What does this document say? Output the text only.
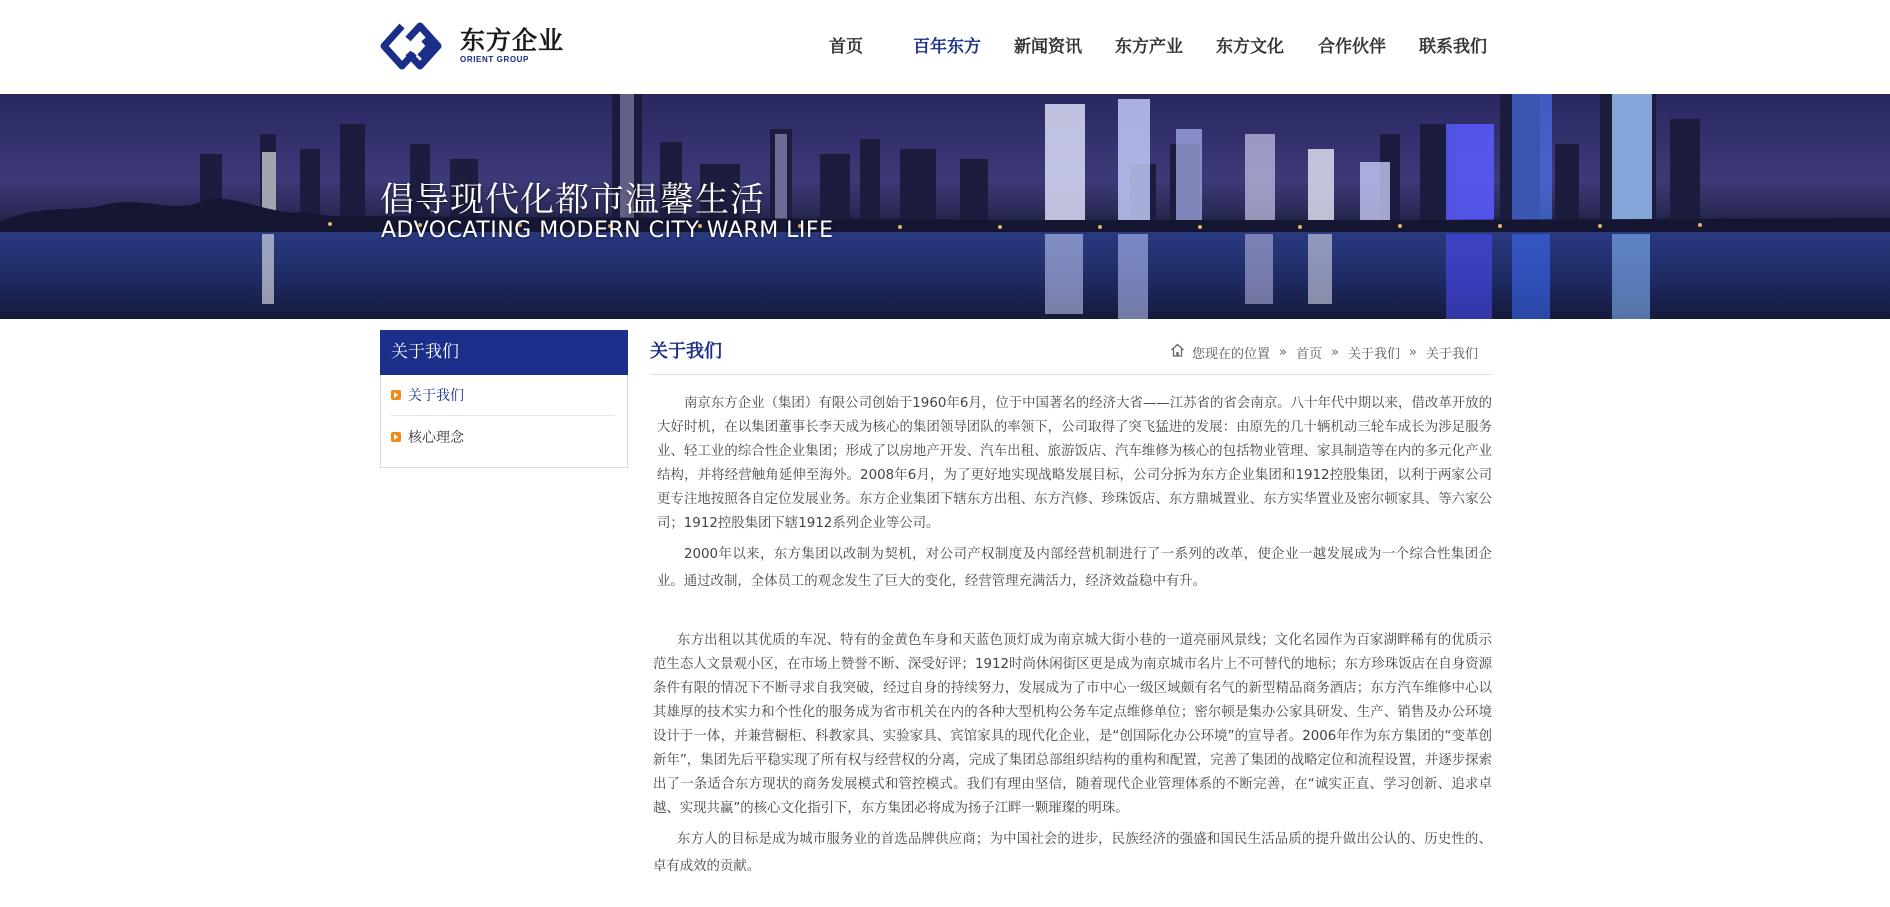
东方企业
ORIENT GROUP
首页	百年东方 新闻资讯 东方产业 东方文化 合作伙伴 联系我们
倡导现代化都市温馨生活
ADVOCATING MODERN CITY WARM LIFE
关于我们
关于我们
核心理念
关于我们	您现在的位置 » 首页 » 关于我们 » 关于我们

南京东方企业（集团）有限公司创始于1960年6月，位于中国著名的经济大省——江苏省的省会南京。八十年代中期以来，借改革开放的大好时机，在以集团董事长李天成为核心的集团领导团队的率领下，公司取得了突飞猛进的发展：由原先的几十辆机动三轮车成长为涉足服务业、轻工业的综合性企业集团；形成了以房地产开发、汽车出租、旅游饭店、汽车维修为核心的包括物业管理、家具制造等在内的多元化产业结构，并将经营触角延伸至海外。2008年6月，为了更好地实现战略发展目标，公司分拆为东方企业集团和1912控股集团，以利于两家公司更专注地按照各自定位发展业务。东方企业集团下辖东方出租、东方汽修、珍珠饭店、东方鼎城置业、东方实华置业及密尔顿家具、等六家公司；1912控股集团下辖1912系列企业等公司。

2000年以来，东方集团以改制为契机，对公司产权制度及内部经营机制进行了一系列的改革，使企业一越发展成为一个综合性集团企业。通过改制，全体员工的观念发生了巨大的变化，经营管理充满活力，经济效益稳中有升。

东方出租以其优质的车况、特有的金黄色车身和天蓝色顶灯成为南京城大街小巷的一道亮丽风景线；文化名园作为百家湖畔稀有的优质示范生态人文景观小区，在市场上赞誉不断、深受好评；1912时尚休闲街区更是成为南京城市名片上不可替代的地标；东方珍珠饭店在自身资源条件有限的情况下不断寻求自我突破，经过自身的持续努力，发展成为了市中心一级区域颇有名气的新型精品商务酒店；东方汽车维修中心以其雄厚的技术实力和个性化的服务成为省市机关在内的各种大型机构公务车定点维修单位；密尔顿是集办公家具研发、生产、销售及办公环境设计于一体，并兼营橱柜、科教家具、实验家具、宾馆家具的现代化企业，是“创国际化办公环境”的宣导者。2006年作为东方集团的“变革创新年”，集团先后平稳实现了所有权与经营权的分离，完成了集团总部组织结构的重构和配置，完善了集团的战略定位和流程设置，并逐步探索出了一条适合东方现状的商务发展模式和管控模式。我们有理由坚信，随着现代企业管理体系的不断完善，在“诚实正直、学习创新、追求卓越、实现共赢”的核心文化指引下，东方集团必将成为扬子江畔一颗璀璨的明珠。

东方人的目标是成为城市服务业的首选品牌供应商；为中国社会的进步，民族经济的强盛和国民生活品质的提升做出公认的、历史性的、卓有成效的贡献。
